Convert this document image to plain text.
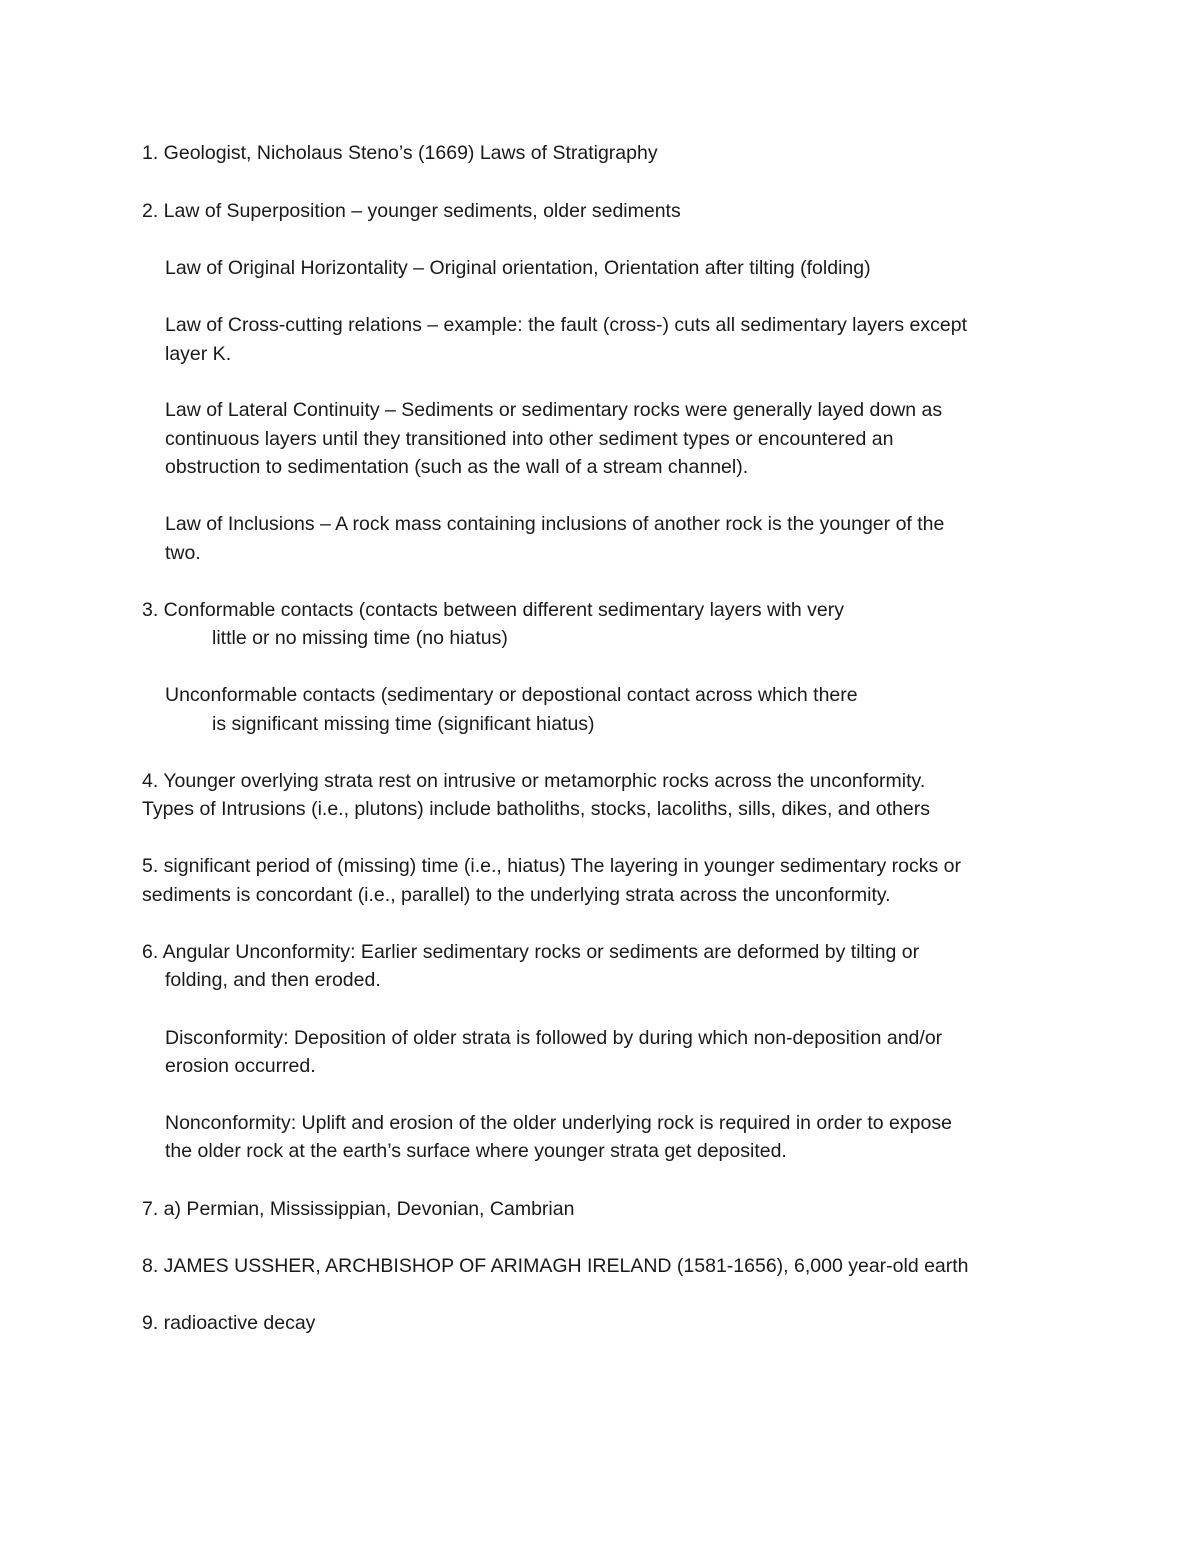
1. Geologist, Nicholaus Steno’s (1669) Laws of Stratigraphy

2. Law of Superposition – younger sediments, older sediments

Law of Original Horizontality – Original orientation, Orientation after tilting (folding)

Law of Cross-cutting relations – example: the fault (cross-) cuts all sedimentary layers except

layer K.

Law of Lateral Continuity – Sediments or sedimentary rocks were generally layed down as

continuous layers until they transitioned into other sediment types or encountered an

obstruction to sedimentation (such as the wall of a stream channel).

Law of Inclusions – A rock mass containing inclusions of another rock is the younger of the

two.

3. Conformable contacts (contacts between different sedimentary layers with very

little or no missing time (no hiatus)

Unconformable contacts (sedimentary or depostional contact across which there

is significant missing time (significant hiatus)

4. Younger overlying strata rest on intrusive or metamorphic rocks across the unconformity.

Types of Intrusions (i.e., plutons) include batholiths, stocks, lacoliths, sills, dikes, and others

5. significant period of (missing) time (i.e., hiatus) The layering in younger sedimentary rocks or

sediments is concordant (i.e., parallel) to the underlying strata across the unconformity.

6. Angular Unconformity: Earlier sedimentary rocks or sediments are deformed by tilting or

folding, and then eroded.

Disconformity: Deposition of older strata is followed by during which non-deposition and/or

erosion occurred.

Nonconformity: Uplift and erosion of the older underlying rock is required in order to expose

the older rock at the earth’s surface where younger strata get deposited.

7. a) Permian, Mississippian, Devonian, Cambrian

8. JAMES USSHER, ARCHBISHOP OF ARIMAGH IRELAND (1581-1656), 6,000 year-old earth

9. radioactive decay
